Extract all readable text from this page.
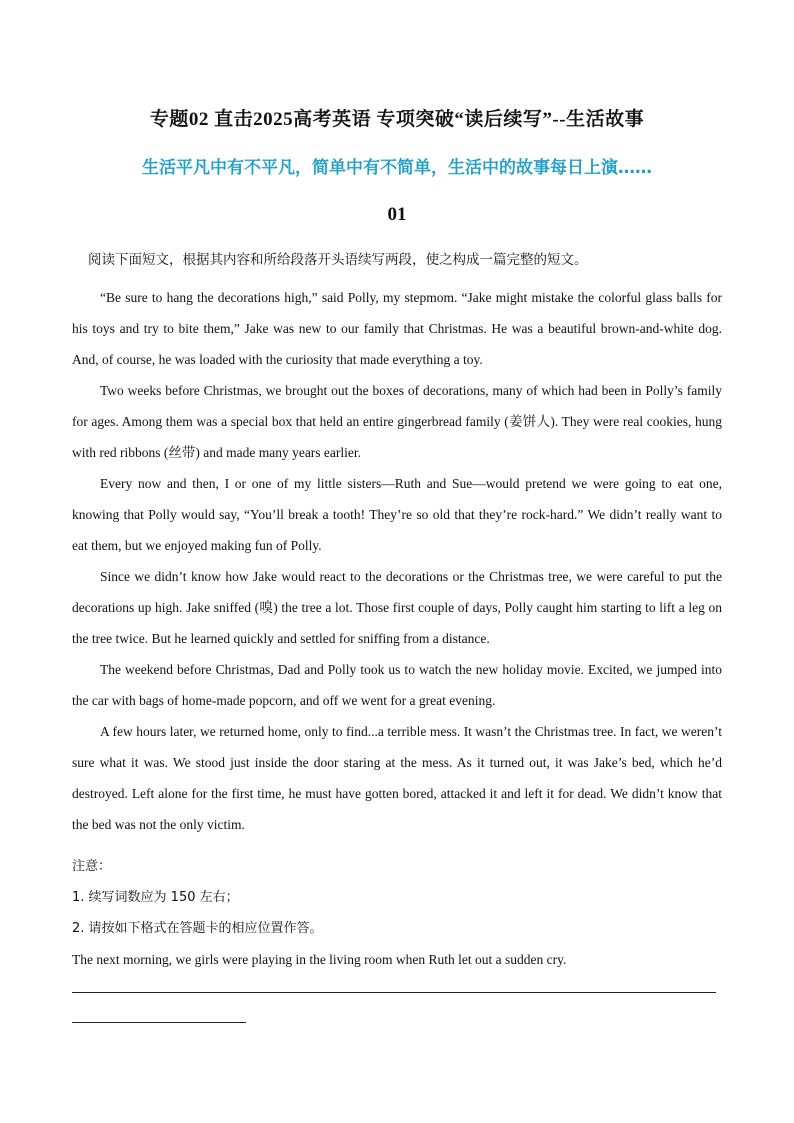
专题02 直击2025高考英语 专项突破“读后续写”--生活故事
生活平凡中有不平凡，简单中有不简单，生活中的故事每日上演……
01
阅读下面短文，根据其内容和所给段落开头语续写两段，使之构成一篇完整的短文。

“Be sure to hang the decorations high,” said Polly, my stepmom. “Jake might mistake the colorful glass balls for his toys and try to bite them,” Jake was new to our family that Christmas. He was a beautiful brown-and-white dog. And, of course, he was loaded with the curiosity that made everything a toy.

Two weeks before Christmas, we brought out the boxes of decorations, many of which had been in Polly’s family for ages. Among them was a special box that held an entire gingerbread family (姜饼人). They were real cookies, hung with red ribbons (丝带) and made many years earlier.

Every now and then, I or one of my little sisters—Ruth and Sue—would pretend we were going to eat one, knowing that Polly would say, “You’ll break a tooth! They’re so old that they’re rock-hard.” We didn’t really want to eat them, but we enjoyed making fun of Polly.

Since we didn’t know how Jake would react to the decorations or the Christmas tree, we were careful to put the decorations up high. Jake sniffed (嗅) the tree a lot. Those first couple of days, Polly caught him starting to lift a leg on the tree twice. But he learned quickly and settled for sniffing from a distance.

The weekend before Christmas, Dad and Polly took us to watch the new holiday movie. Excited, we jumped into the car with bags of home-made popcorn, and off we went for a great evening.

A few hours later, we returned home, only to find...a terrible mess. It wasn’t the Christmas tree. In fact, we weren’t sure what it was. We stood just inside the door staring at the mess. As it turned out, it was Jake’s bed, which he’d destroyed. Left alone for the first time, he must have gotten bored, attacked it and left it for dead. We didn’t know that the bed was not the only victim.

注意：
1. 续写词数应为 150 左右；
2. 请按如下格式在答题卡的相应位置作答。
The next morning, we girls were playing in the living room when Ruth let out a sudden cry.
